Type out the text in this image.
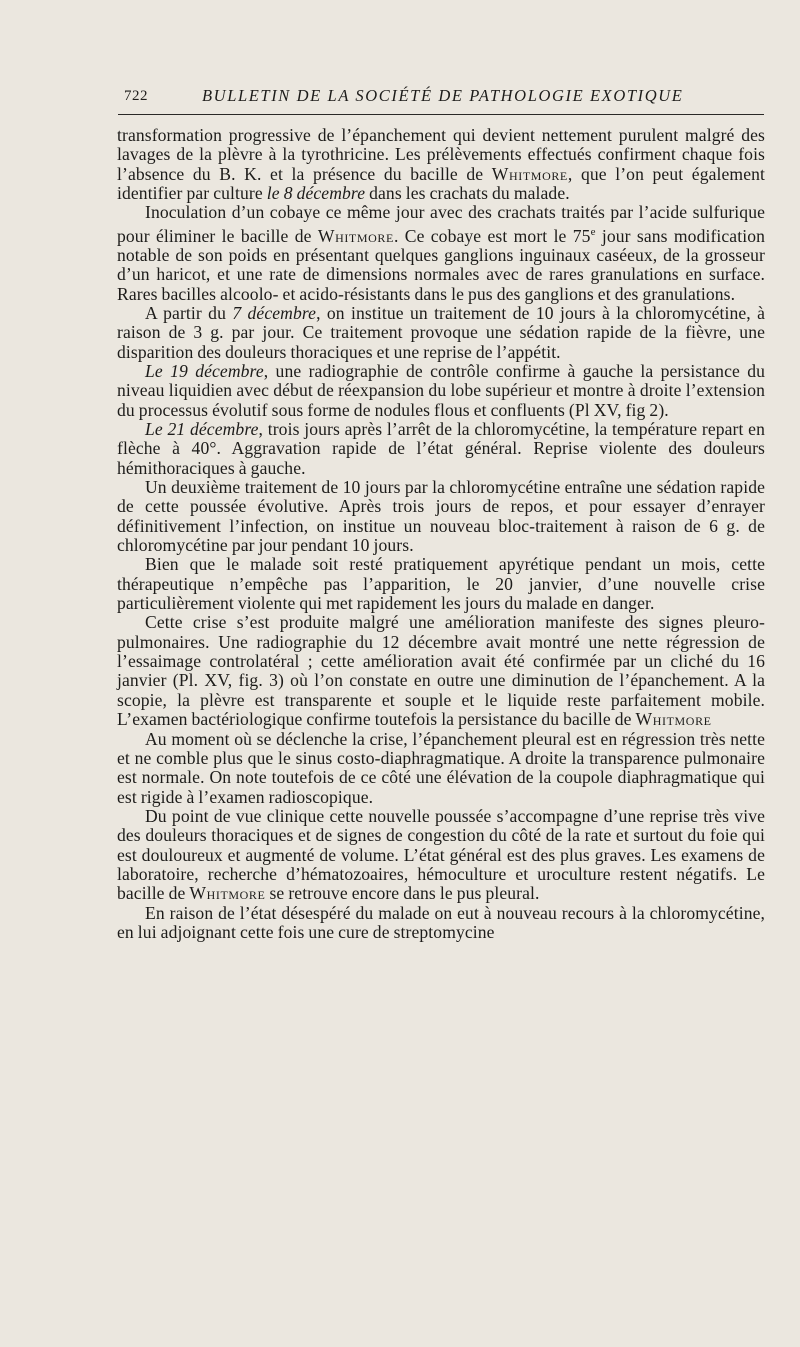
722	BULLETIN DE LA SOCIÉTÉ DE PATHOLOGIE EXOTIQUE

transformation progressive de l’épanchement qui devient nettement purulent malgré des lavages de la plèvre à la tyrothricine. Les prélèvements effectués confirment chaque fois l’absence du B. K. et la présence du bacille de Whitmore, que l’on peut également identifier par culture le 8 décembre dans les crachats du malade.

Inoculation d’un cobaye ce même jour avec des crachats traités par l’acide sulfurique pour éliminer le bacille de Whitmore. Ce cobaye est mort le 75e jour sans modification notable de son poids en présentant quelques ganglions inguinaux caséeux, de la grosseur d’un haricot, et une rate de dimensions normales avec de rares granulations en surface. Rares bacilles alcoolo- et acido-résistants dans le pus des ganglions et des granulations.

A partir du 7 décembre, on institue un traitement de 10 jours à la chloromycétine, à raison de 3 g. par jour. Ce traitement provoque une sédation rapide de la fièvre, une disparition des douleurs thoraciques et une reprise de l’appétit.

Le 19 décembre, une radiographie de contrôle confirme à gauche la persistance du niveau liquidien avec début de réexpansion du lobe supérieur et montre à droite l’extension du processus évolutif sous forme de nodules flous et confluents (Pl XV, fig 2).

Le 21 décembre, trois jours après l’arrêt de la chloromycétine, la température repart en flèche à 40°. Aggravation rapide de l’état général. Reprise violente des douleurs hémithoraciques à gauche.

Un deuxième traitement de 10 jours par la chloromycétine entraîne une sédation rapide de cette poussée évolutive. Après trois jours de repos, et pour essayer d’enrayer définitivement l’infection, on institue un nouveau bloc-traitement à raison de 6 g. de chloromycétine par jour pendant 10 jours.

Bien que le malade soit resté pratiquement apyrétique pendant un mois, cette thérapeutique n’empêche pas l’apparition, le 20 janvier, d’une nouvelle crise particulièrement violente qui met rapidement les jours du malade en danger.

Cette crise s’est produite malgré une amélioration manifeste des signes pleuro-pulmonaires. Une radiographie du 12 décembre avait montré une nette régression de l’essaimage controlatéral ; cette amélioration avait été confirmée par un cliché du 16 janvier (Pl. XV, fig. 3) où l’on constate en outre une diminution de l’épanchement. A la scopie, la plèvre est transparente et souple et le liquide reste parfaitement mobile. L’examen bactériologique confirme toutefois la persistance du bacille de Whitmore

Au moment où se déclenche la crise, l’épanchement pleural est en régression très nette et ne comble plus que le sinus costo-diaphragmatique. A droite la transparence pulmonaire est normale. On note toutefois de ce côté une élévation de la coupole diaphragmatique qui est rigide à l’examen radioscopique.

Du point de vue clinique cette nouvelle poussée s’accompagne d’une reprise très vive des douleurs thoraciques et de signes de congestion du côté de la rate et surtout du foie qui est douloureux et augmenté de volume. L’état général est des plus graves. Les examens de laboratoire, recherche d’hématozoaires, hémoculture et uroculture restent négatifs. Le bacille de Whitmore se retrouve encore dans le pus pleural.

En raison de l’état désespéré du malade on eut à nouveau recours à la chloromycétine, en lui adjoignant cette fois une cure de streptomycine
